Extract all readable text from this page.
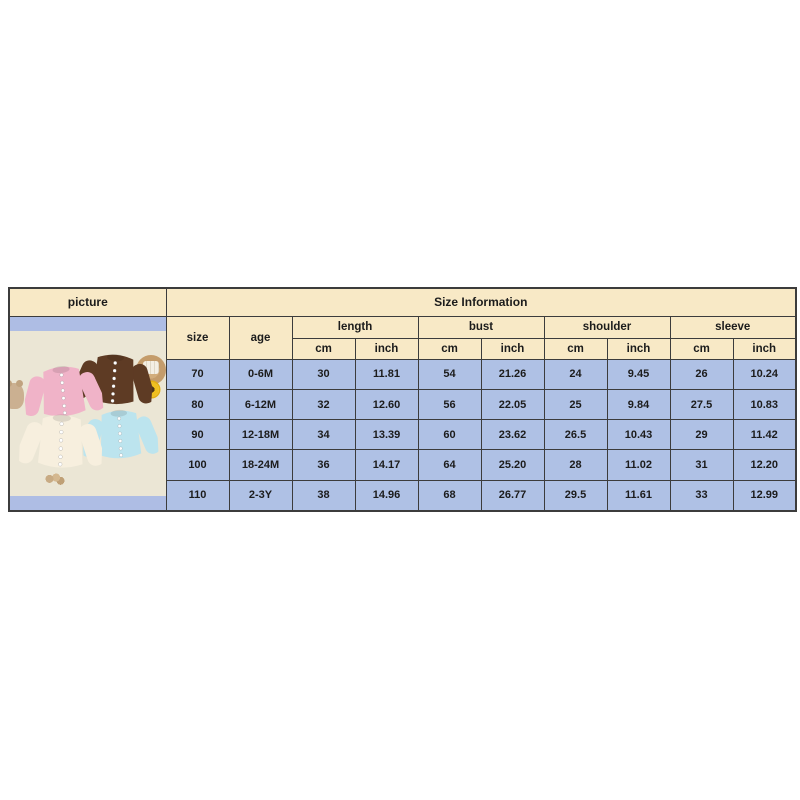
picture	Size Information									

	size	age	length		bust		shoulder		sleeve	
			cm	inch	cm	inch	cm	inch	cm	inch
	70	0-6M	30	11.81	54	21.26	24	9.45	26	10.24
	80	6-12M	32	12.60	56	22.05	25	9.84	27.5	10.83
	90	12-18M	34	13.39	60	23.62	26.5	10.43	29	11.42
	100	18-24M	36	14.17	64	25.20	28	11.02	31	12.20
	110	2-3Y	38	14.96	68	26.77	29.5	11.61	33	12.99
